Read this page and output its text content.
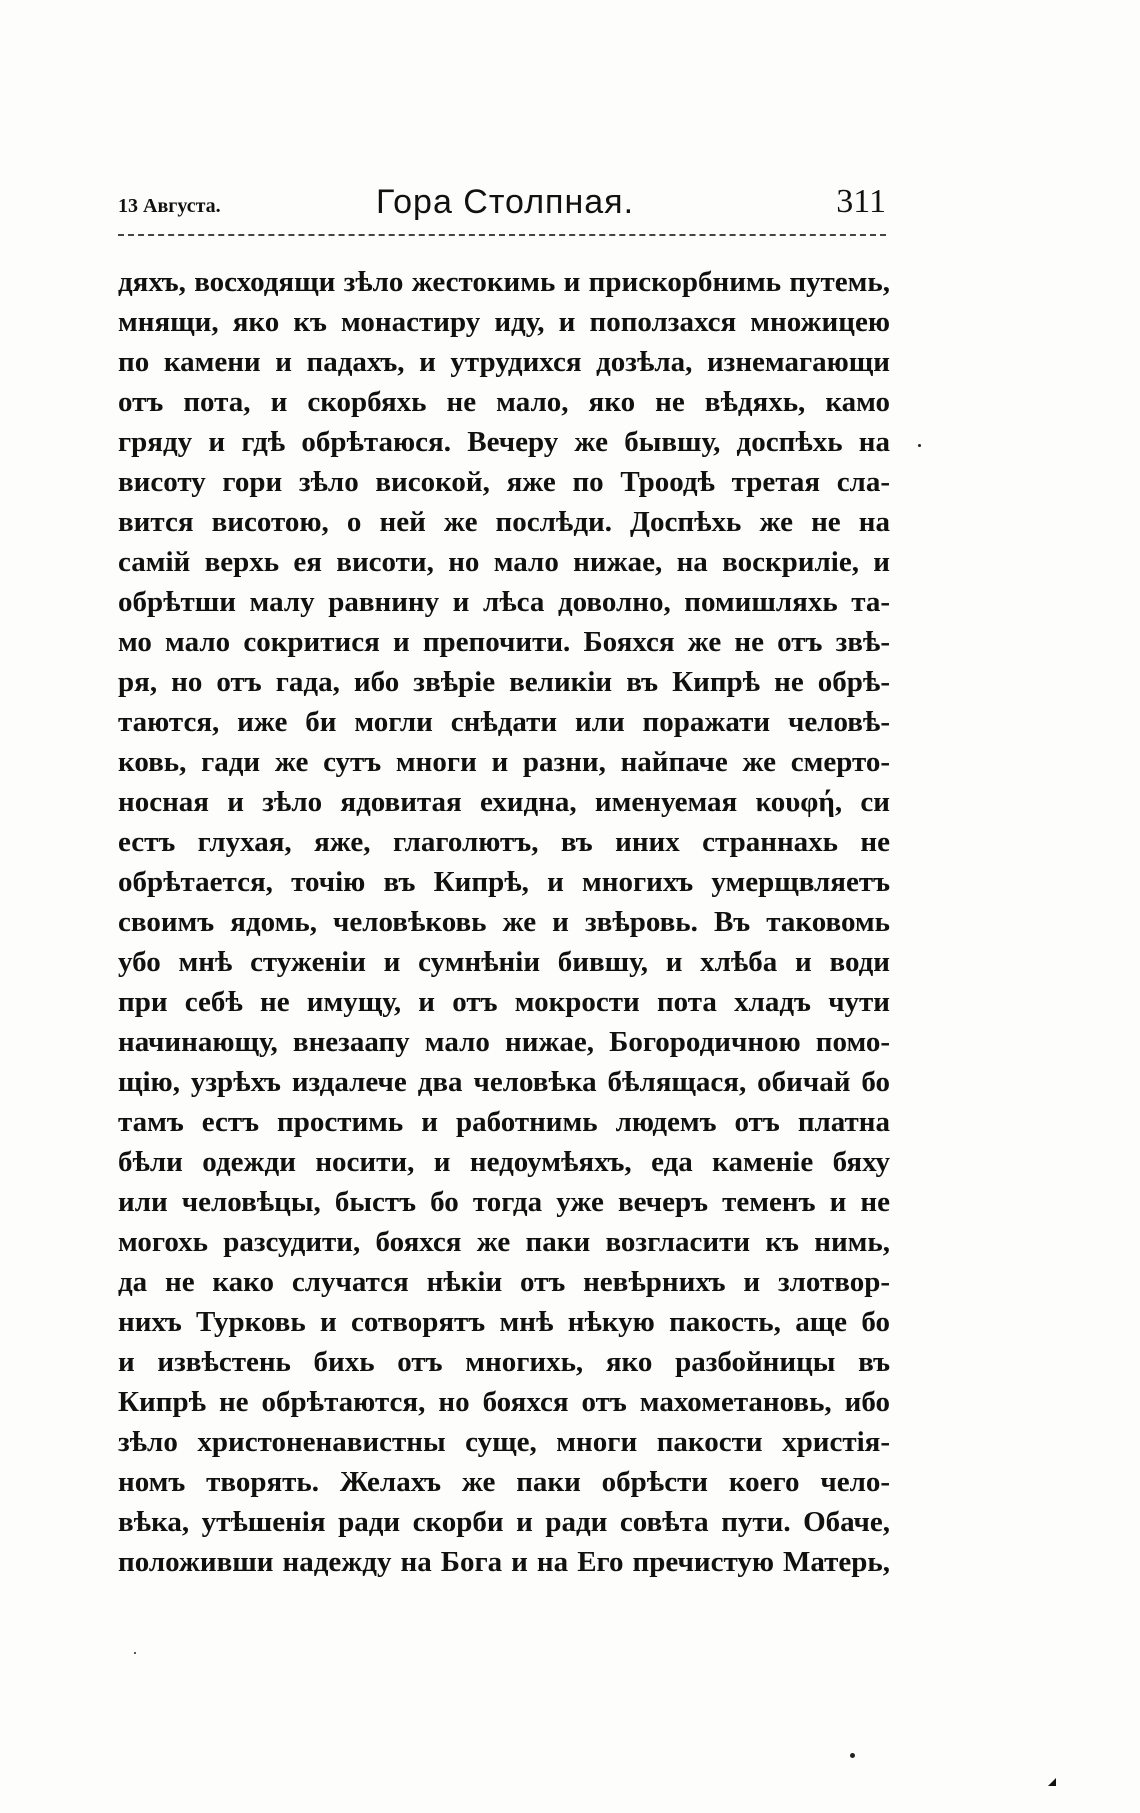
13 Августа.	Гора Столпная.	311
дяхъ, восходящи зѣло жестокимь и прискорбнимь путемь,
мнящи, яко къ монастиру иду, и поползахся множицею
по камени и падахъ, и утрудихся дозѣла, изнемагающи
отъ пота, и скорбяхь не мало, яко не вѣдяхь, камо
гряду и гдѣ обрѣтаюся. Вечеру же бывшу, доспѣхь на
висоту гори зѣло високой, яже по Троодѣ третая сла-
вится висотою, о ней же послѣди. Доспѣхь же не на
самій верхь ея висоти, но мало нижае, на воскриліе, и
обрѣтши малу равнину и лѣса доволно, помишляхь та-
мо мало сокритися и препочити. Бояхся же не отъ звѣ-
ря, но отъ гада, ибо звѣріе великіи въ Кипрѣ не обрѣ-
таются, иже би могли снѣдати или поражати человѣ-
ковь, гади же сутъ многи и разни, найпаче же смерто-
носная и зѣло ядовитая ехидна, именуемая κουφή, си
естъ глухая, яже, глаголютъ, въ иних страннахь не
обрѣтается, точію въ Кипрѣ, и многихъ умерщвляетъ
своимъ ядомь, человѣковь же и звѣровь. Въ таковомь
убо мнѣ стуженіи и сумнѣніи бившу, и хлѣба и води
при себѣ не имущу, и отъ мокрости пота хладъ чути
начинающу, внезаапу мало нижае, Богородичною помо-
щію, узрѣхъ издалече два человѣка бѣлящася, обичай бо
тамъ естъ простимь и работнимь людемъ отъ платна
бѣли одежди носити, и недоумѣяхъ, еда каменіе бяху
или человѣцы, быстъ бо тогда уже вечеръ теменъ и не
могохь разсудити, бояхся же паки возгласити къ нимь,
да не како случатся нѣкіи отъ невѣрнихъ и злотвор-
нихъ Турковь и сотворятъ мнѣ нѣкую пакость, аще бо
и извѣстень бихь отъ многихь, яко разбойницы въ
Кипрѣ не обрѣтаются, но бояхся отъ махометановь, ибо
зѣло христоненавистны суще, многи пакости христія-
номъ творять. Желахъ же паки обрѣсти коего чело-
вѣка, утѣшенія ради скорби и ради совѣта пути. Обаче,
положивши надежду на Бога и на Его пречистую Матерь,
